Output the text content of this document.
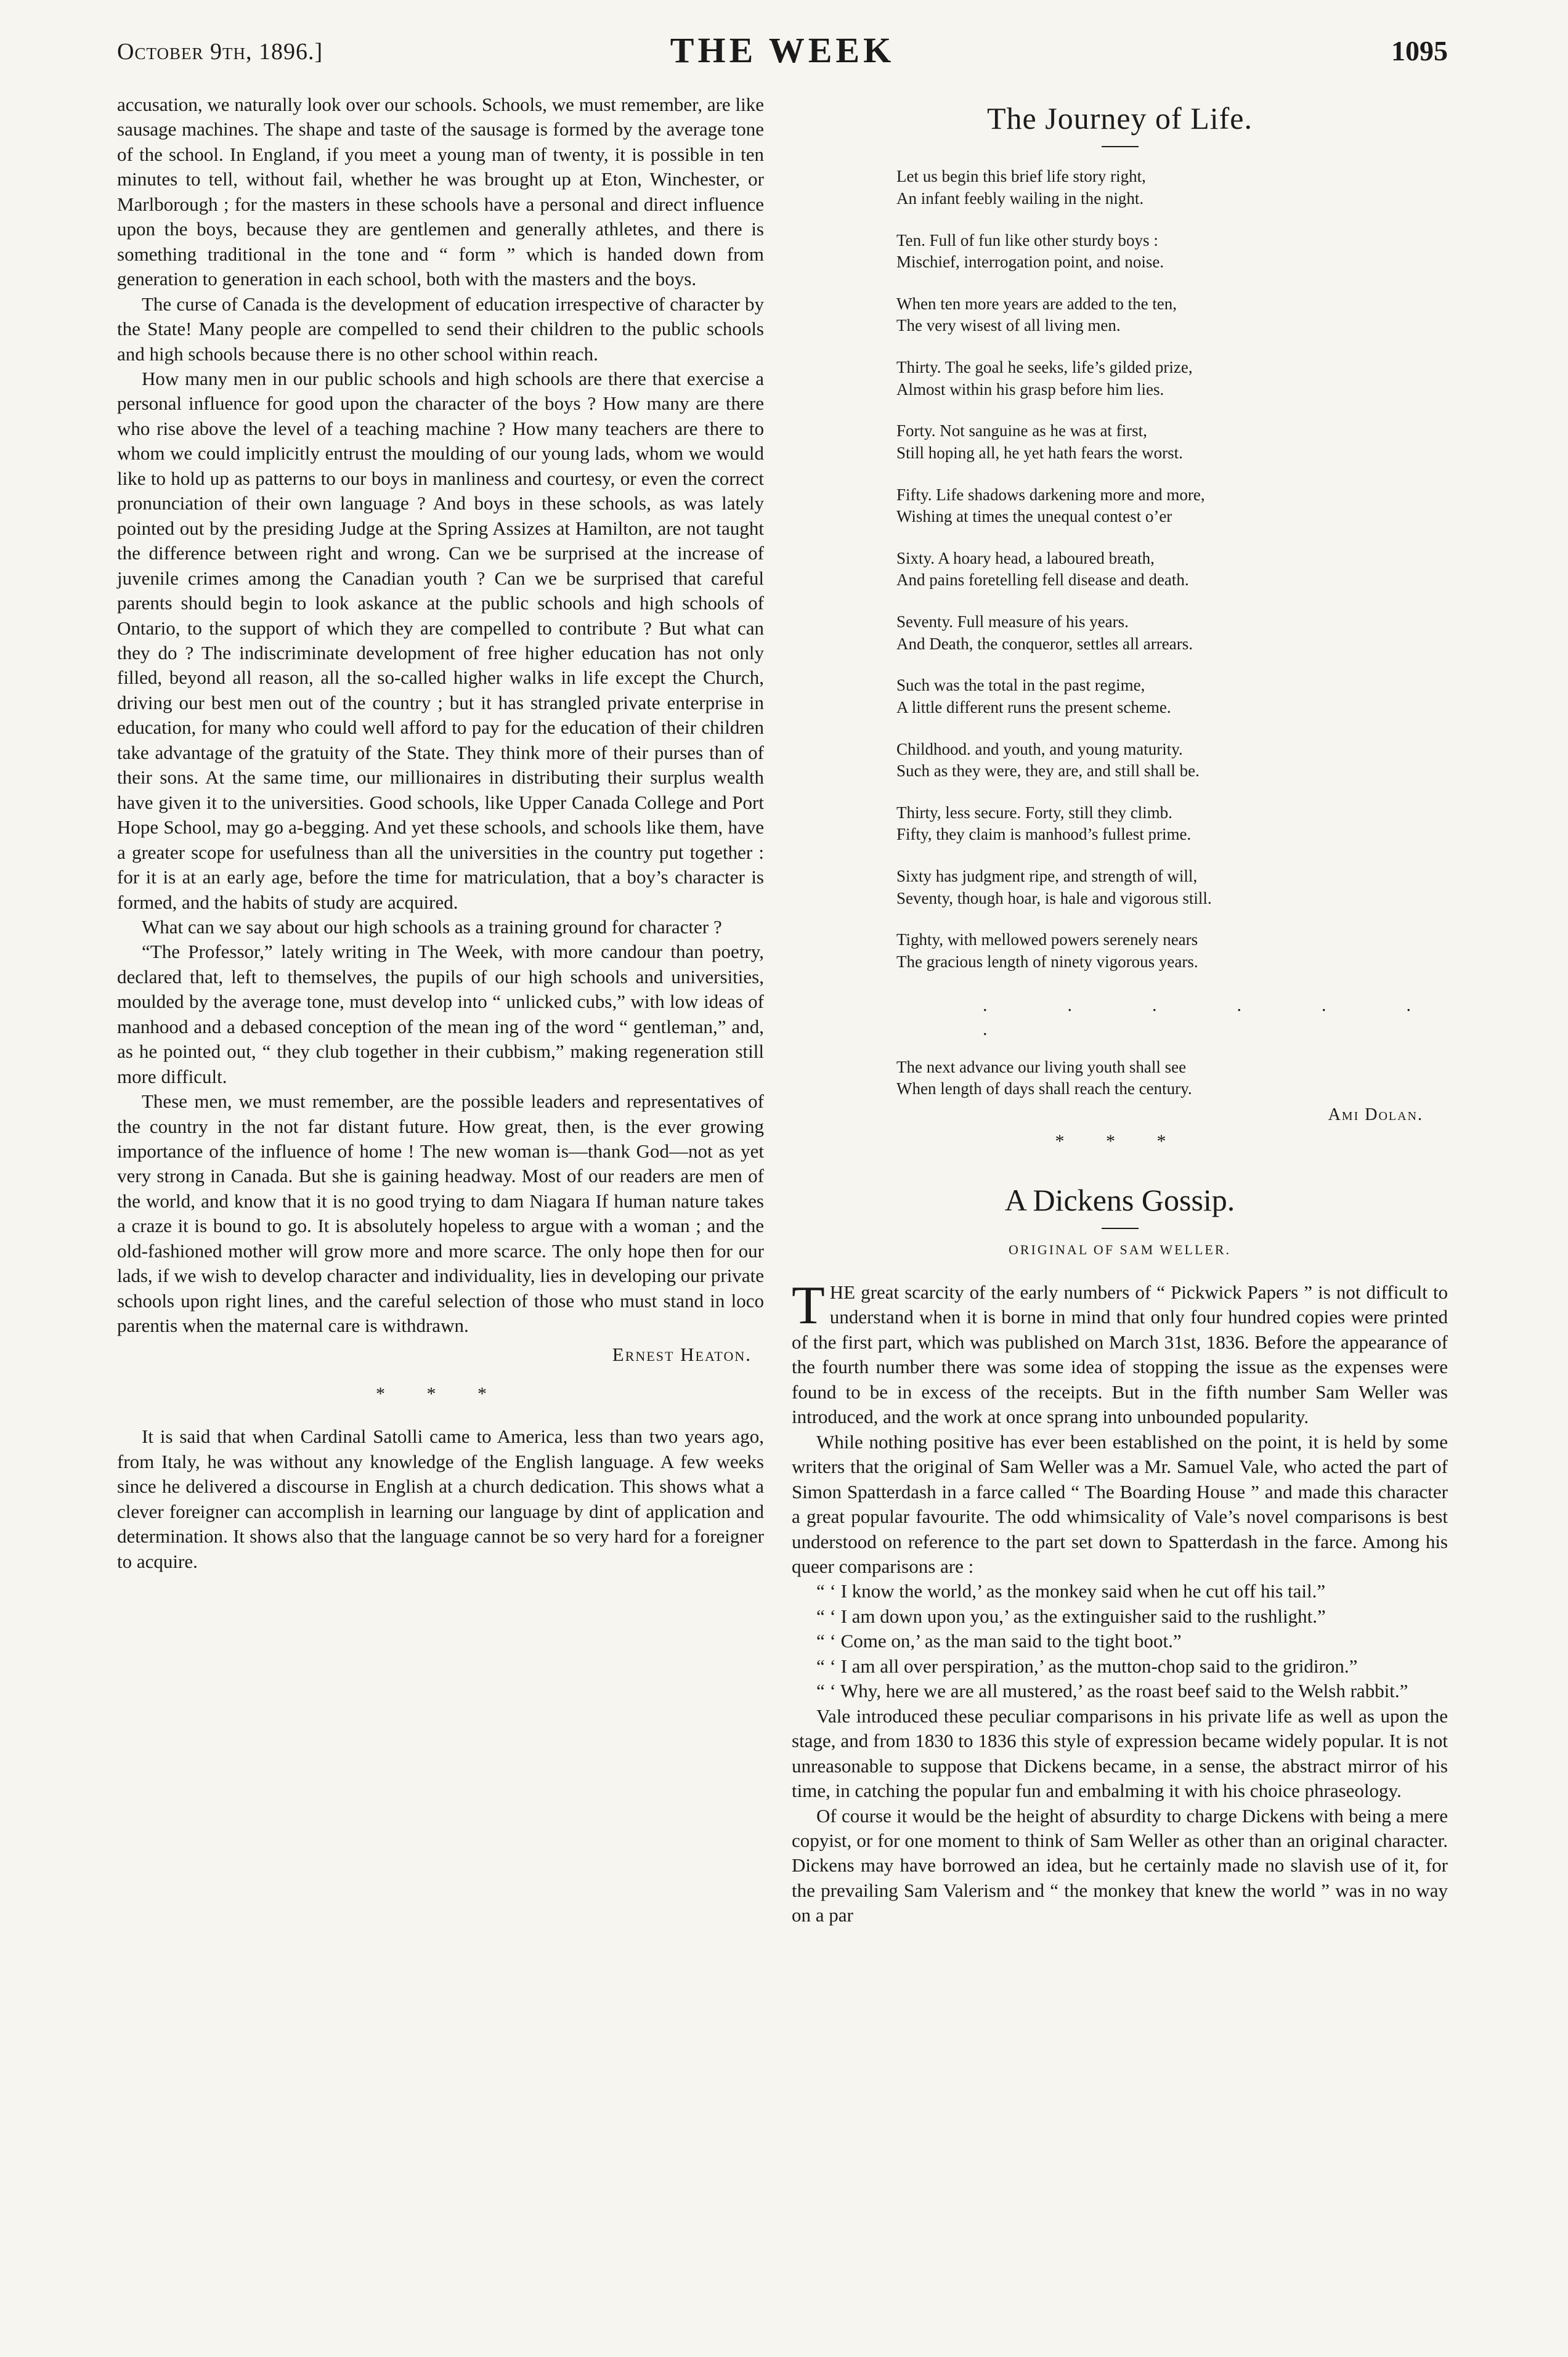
October 9th, 1896.]	THE WEEK	1095

accusation, we naturally look over our schools. Schools, we must remember, are like sausage machines. The shape and taste of the sausage is formed by the average tone of the school. In England, if you meet a young man of twenty, it is possible in ten minutes to tell, without fail, whether he was brought up at Eton, Winchester, or Marlborough ; for the masters in these schools have a personal and direct influence upon the boys, because they are gentlemen and generally athletes, and there is something traditional in the tone and “ form ” which is handed down from generation to generation in each school, both with the masters and the boys.

The curse of Canada is the development of education irrespective of character by the State! Many people are compelled to send their children to the public schools and high schools because there is no other school within reach.

How many men in our public schools and high schools are there that exercise a personal influence for good upon the character of the boys ? How many are there who rise above the level of a teaching machine ? How many teachers are there to whom we could implicitly entrust the moulding of our young lads, whom we would like to hold up as patterns to our boys in manliness and courtesy, or even the correct pronunciation of their own language ? And boys in these schools, as was lately pointed out by the presiding Judge at the Spring Assizes at Hamilton, are not taught the difference between right and wrong. Can we be surprised at the increase of juvenile crimes among the Canadian youth ? Can we be surprised that careful parents should begin to look askance at the public schools and high schools of Ontario, to the support of which they are compelled to contribute ? But what can they do ? The indiscriminate development of free higher education has not only filled, beyond all reason, all the so-called higher walks in life except the Church, driving our best men out of the country ; but it has strangled private enterprise in education, for many who could well afford to pay for the education of their children take advantage of the gratuity of the State. They think more of their purses than of their sons. At the same time, our millionaires in distributing their surplus wealth have given it to the universities. Good schools, like Upper Canada College and Port Hope School, may go a-begging. And yet these schools, and schools like them, have a greater scope for usefulness than all the universities in the country put together : for it is at an early age, before the time for matriculation, that a boy’s character is formed, and the habits of study are acquired.

What can we say about our high schools as a training ground for character ?

“The Professor,” lately writing in The Week, with more candour than poetry, declared that, left to themselves, the pupils of our high schools and universities, moulded by the average tone, must develop into “ unlicked cubs,” with low ideas of manhood and a debased conception of the mean ing of the word “ gentleman,” and, as he pointed out, “ they club together in their cubbism,” making regeneration still more difficult.

These men, we must remember, are the possible leaders and representatives of the country in the not far distant future. How great, then, is the ever growing importance of the influence of home ! The new woman is—thank God—not as yet very strong in Canada. But she is gaining headway. Most of our readers are men of the world, and know that it is no good trying to dam Niagara If human nature takes a craze it is bound to go. It is absolutely hopeless to argue with a woman ; and the old-fashioned mother will grow more and more scarce. The only hope then for our lads, if we wish to develop character and individuality, lies in developing our private schools upon right lines, and the careful selection of those who must stand in loco parentis when the maternal care is withdrawn.

Ernest Heaton.
* * *

It is said that when Cardinal Satolli came to America, less than two years ago, from Italy, he was without any knowledge of the English language. A few weeks since he delivered a discourse in English at a church dedication. This shows what a clever foreigner can accomplish in learning our language by dint of application and determination. It shows also that the language cannot be so very hard for a foreigner to acquire.

The Journey of Life.
Let us begin this brief life story right,
An infant feebly wailing in the night.
Ten. Full of fun like other sturdy boys :
Mischief, interrogation point, and noise.
When ten more years are added to the ten,
The very wisest of all living men.
Thirty. The goal he seeks, life’s gilded prize,
Almost within his grasp before him lies.
Forty. Not sanguine as he was at first,
Still hoping all, he yet hath fears the worst.
Fifty. Life shadows darkening more and more,
Wishing at times the unequal contest o’er
Sixty. A hoary head, a laboured breath,
And pains foretelling fell disease and death.
Seventy. Full measure of his years.
And Death, the conqueror, settles all arrears.
Such was the total in the past regime,
A little different runs the present scheme.
Childhood. and youth, and young maturity.
Such as they were, they are, and still shall be.
Thirty, less secure. Forty, still they climb.
Fifty, they claim is manhood’s fullest prime.
Sixty has judgment ripe, and strength of will,
Seventy, though hoar, is hale and vigorous still.
Tighty, with mellowed powers serenely nears
The gracious length of ninety vigorous years.
. . . . . . .
The next advance our living youth shall see
When length of days shall reach the century.
Ami Dolan.
* * *
A Dickens Gossip.
ORIGINAL OF SAM WELLER.

THE great scarcity of the early numbers of “ Pickwick Papers ” is not difficult to understand when it is borne in mind that only four hundred copies were printed of the first part, which was published on March 31st, 1836. Before the appearance of the fourth number there was some idea of stopping the issue as the expenses were found to be in excess of the receipts. But in the fifth number Sam Weller was introduced, and the work at once sprang into unbounded popularity.

While nothing positive has ever been established on the point, it is held by some writers that the original of Sam Weller was a Mr. Samuel Vale, who acted the part of Simon Spatterdash in a farce called “ The Boarding House ” and made this character a great popular favourite. The odd whimsicality of Vale’s novel comparisons is best understood on reference to the part set down to Spatterdash in the farce. Among his queer comparisons are :

“ ‘ I know the world,’ as the monkey said when he cut off his tail.”

“ ‘ I am down upon you,’ as the extinguisher said to the rushlight.”

“ ‘ Come on,’ as the man said to the tight boot.”

“ ‘ I am all over perspiration,’ as the mutton-chop said to the gridiron.”

“ ‘ Why, here we are all mustered,’ as the roast beef said to the Welsh rabbit.”

Vale introduced these peculiar comparisons in his private life as well as upon the stage, and from 1830 to 1836 this style of expression became widely popular. It is not unreasonable to suppose that Dickens became, in a sense, the abstract mirror of his time, in catching the popular fun and embalming it with his choice phraseology.

Of course it would be the height of absurdity to charge Dickens with being a mere copyist, or for one moment to think of Sam Weller as other than an original character. Dickens may have borrowed an idea, but he certainly made no slavish use of it, for the prevailing Sam Valerism and “ the monkey that knew the world ” was in no way on a par
